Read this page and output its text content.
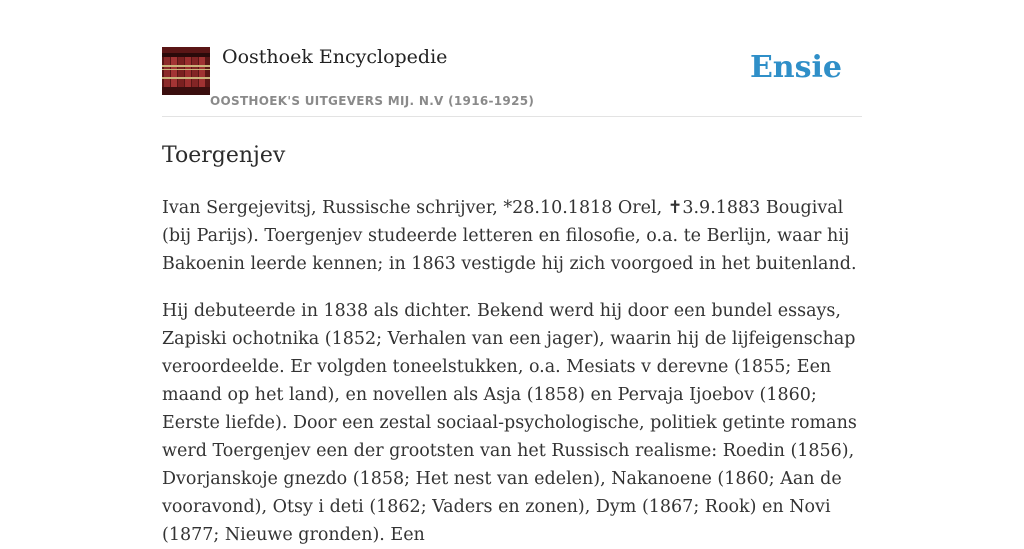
Oosthoek Encyclopedie
OOSTHOEK'S UITGEVERS MIJ. N.V (1916-1925)
Ensie
Toergenjev

Ivan Sergejevitsj, Russische schrijver, *28.10.1818 Orel, ✝3.9.1883 Bougival (bij Parijs). Toergenjev studeerde letteren en filosofie, o.a. te Berlijn, waar hij Bakoenin leerde kennen; in 1863 vestigde hij zich voorgoed in het buitenland.

Hij debuteerde in 1838 als dichter. Bekend werd hij door een bundel essays, Zapiski ochotnika (1852; Verhalen van een jager), waarin hij de lijfeigenschap veroordeelde. Er volgden toneelstukken, o.a. Mesiats v derevne (1855; Een maand op het land), en novellen als Asja (1858) en Pervaja Ijoebov (1860; Eerste liefde). Door een zestal sociaal-psychologische, politiek getinte romans werd Toergenjev een der grootsten van het Russisch realisme: Roedin (1856), Dvorjanskoje gnezdo (1858; Het nest van edelen), Nakanoene (1860; Aan de vooravond), Otsy i deti (1862; Vaders en zonen), Dym (1867; Rook) en Novi (1877; Nieuwe gronden). Een
